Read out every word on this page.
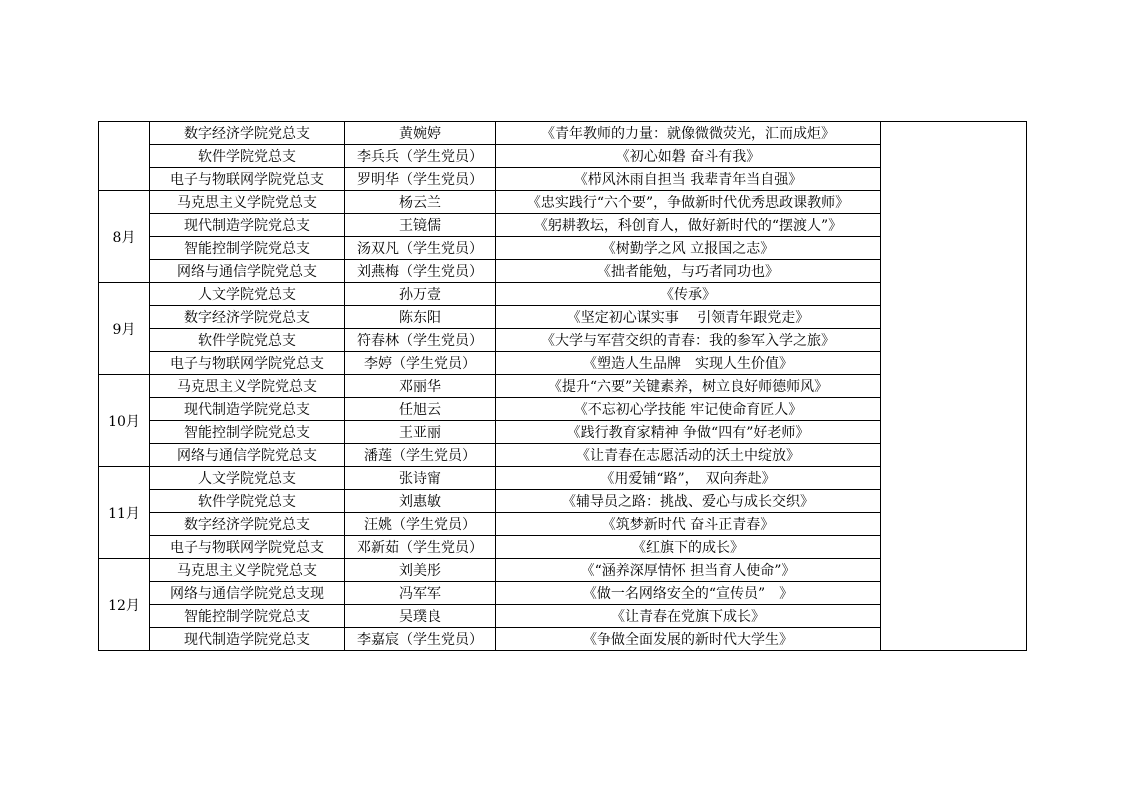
	数字经济学院党总支	黄婉婷	《青年教师的力量：就像微微荧光，汇而成炬》	
	软件学院党总支	李兵兵（学生党员）	《初心如磐 奋斗有我》	
	电子与物联网学院党总支	罗明华（学生党员）	《栉风沐雨自担当 我辈青年当自强》	
8月	马克思主义学院党总支	杨云兰	《忠实践行“六个要”，争做新时代优秀思政课教师》	
	现代制造学院党总支	王镜儒	《躬耕教坛，科创育人，做好新时代的“摆渡人”》	
	智能控制学院党总支	汤双凡（学生党员）	《树勤学之风 立报国之志》	
	网络与通信学院党总支	刘燕梅（学生党员）	《拙者能勉，与巧者同功也》	
9月	人文学院党总支	孙万壹	《传承》	
	数字经济学院党总支	陈东阳	《坚定初心谋实事　 引领青年跟党走》	
	软件学院党总支	符春林（学生党员）	《大学与军营交织的青春：我的参军入学之旅》	
	电子与物联网学院党总支	李婷（学生党员）	《塑造人生品牌　实现人生价值》	
10月	马克思主义学院党总支	邓丽华	《提升“六要”关键素养，树立良好师德师风》	
	现代制造学院党总支	任旭云	《不忘初心学技能 牢记使命育匠人》	
	智能控制学院党总支	王亚丽	《践行教育家精神 争做“四有”好老师》	
	网络与通信学院党总支	潘莲（学生党员）	《让青春在志愿活动的沃土中绽放》	
11月	人文学院党总支	张诗甯	《用爱铺“路”，　双向奔赴》	
	软件学院党总支	刘惠敏	《辅导员之路：挑战、爱心与成长交织》	
	数字经济学院党总支	汪姚（学生党员）	《筑梦新时代 奋斗正青春》	
	电子与物联网学院党总支	邓新茹（学生党员）	《红旗下的成长》	
12月	马克思主义学院党总支	刘美彤	《“涵养深厚情怀 担当育人使命”》	
	网络与通信学院党总支现	冯军军	《做一名网络安全的“宣传员”　》	
	智能控制学院党总支	吴璞良	《让青春在党旗下成长》	
	现代制造学院党总支	李嘉宸（学生党员）	《争做全面发展的新时代大学生》	
